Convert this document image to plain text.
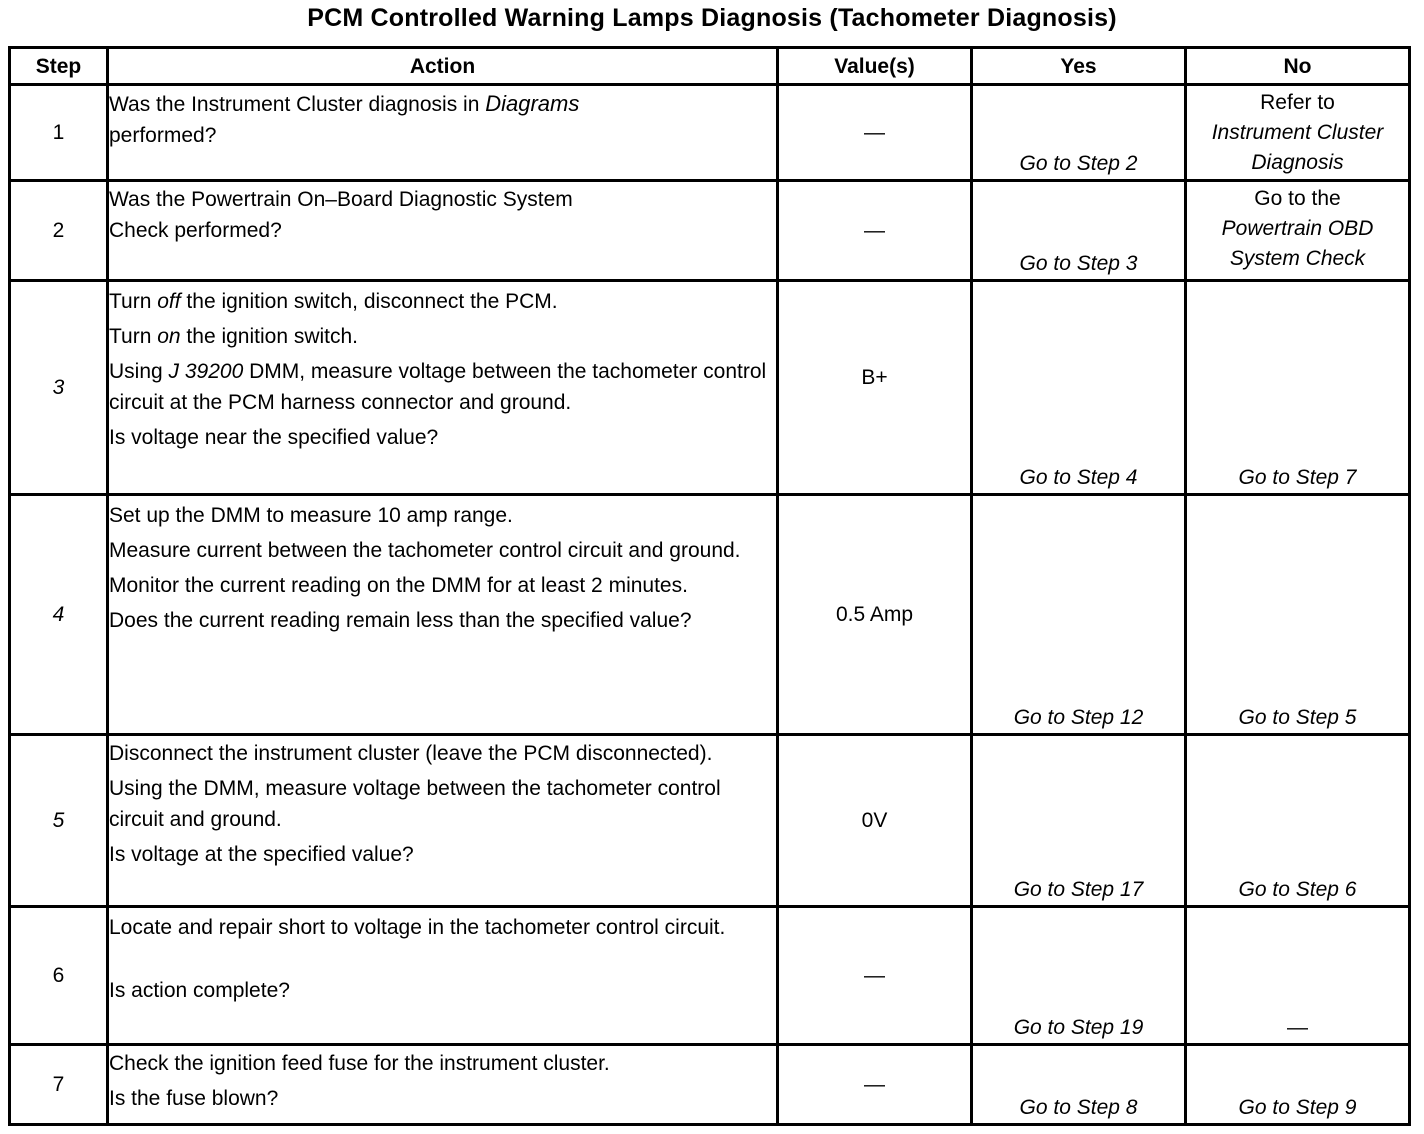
PCM Controlled Warning Lamps Diagnosis (Tachometer Diagnosis)
Step	Action	Value(s)	Yes	No
1	Was the Instrument Cluster diagnosis in Diagrams
performed?	—	Go to Step 2	Refer to
Instrument Cluster
Diagnosis
2	Was the Powertrain On–Board Diagnostic System
Check performed?	—	Go to Step 3	Go to the
Powertrain OBD
System Check
3	Turn off the ignition switch, disconnect the PCM.

Turn on the ignition switch.

Using J 39200 DMM, measure voltage between the tachometer control circuit at the PCM harness connector and ground.

Is voltage near the specified value?	B+	Go to Step 4	Go to Step 7
4	Set up the DMM to measure 10 amp range.

Measure current between the tachometer control circuit and ground.

Monitor the current reading on the DMM for at least 2 minutes.

Does the current reading remain less than the specified value?	0.5 Amp	Go to Step 12	Go to Step 5
5	Disconnect the instrument cluster (leave the PCM disconnected).

Using the DMM, measure voltage between the tachometer control circuit and ground.

Is voltage at the specified value?	0V	Go to Step 17	Go to Step 6
6	Locate and repair short to voltage in the tachometer control circuit.

Is action complete?	—	Go to Step 19	—
7	Check the ignition feed fuse for the instrument cluster.

Is the fuse blown?	—	Go to Step 8	Go to Step 9
